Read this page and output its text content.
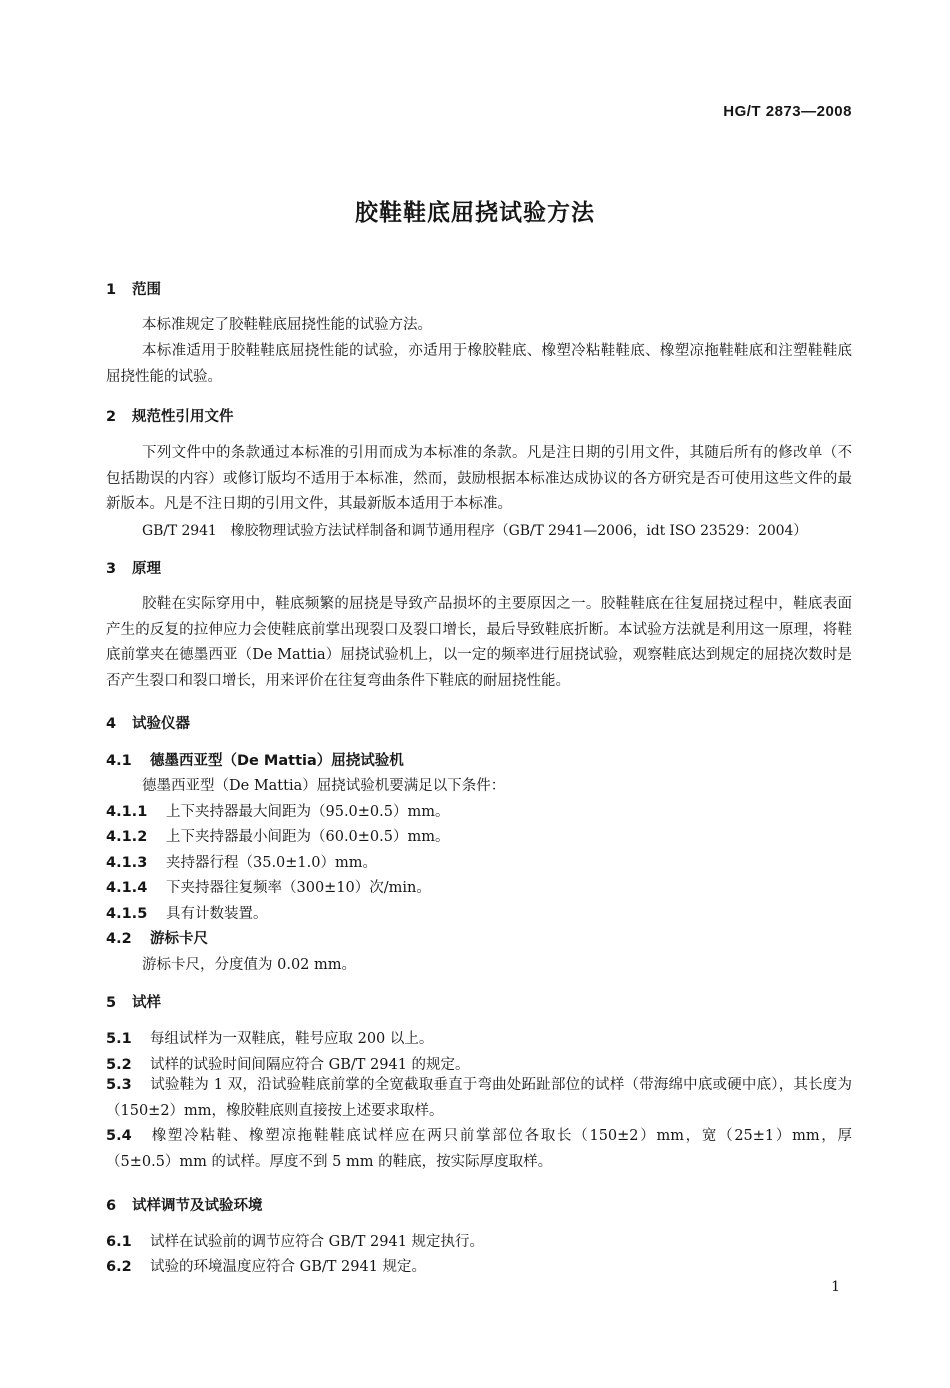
HG/T 2873—2008
胶鞋鞋底屈挠试验方法
1 范围
本标准规定了胶鞋鞋底屈挠性能的试验方法。
本标准适用于胶鞋鞋底屈挠性能的试验，亦适用于橡胶鞋底、橡塑冷粘鞋鞋底、橡塑凉拖鞋鞋底和注塑鞋鞋底屈挠性能的试验。
2 规范性引用文件
下列文件中的条款通过本标准的引用而成为本标准的条款。凡是注日期的引用文件，其随后所有的修改单（不包括勘误的内容）或修订版均不适用于本标准，然而，鼓励根据本标准达成协议的各方研究是否可使用这些文件的最新版本。凡是不注日期的引用文件，其最新版本适用于本标准。
GB/T 2941　橡胶物理试验方法试样制备和调节通用程序（GB/T 2941—2006，idt ISO 23529：2004）
3 原理
胶鞋在实际穿用中，鞋底频繁的屈挠是导致产品损坏的主要原因之一。胶鞋鞋底在往复屈挠过程中，鞋底表面产生的反复的拉伸应力会使鞋底前掌出现裂口及裂口增长，最后导致鞋底折断。本试验方法就是利用这一原理，将鞋底前掌夹在德墨西亚（De Mattia）屈挠试验机上，以一定的频率进行屈挠试验，观察鞋底达到规定的屈挠次数时是否产生裂口和裂口增长，用来评价在往复弯曲条件下鞋底的耐屈挠性能。
4 试验仪器
4.1 德墨西亚型（De Mattia）屈挠试验机
德墨西亚型（De Mattia）屈挠试验机要满足以下条件：
4.1.1 上下夹持器最大间距为（95.0±0.5）mm。
4.1.2 上下夹持器最小间距为（60.0±0.5）mm。
4.1.3 夹持器行程（35.0±1.0）mm。
4.1.4 下夹持器往复频率（300±10）次/min。
4.1.5 具有计数装置。
4.2 游标卡尺
游标卡尺，分度值为 0.02 mm。
5 试样
5.1 每组试样为一双鞋底，鞋号应取 200 以上。
5.2 试样的试验时间间隔应符合 GB/T 2941 的规定。
5.3 试验鞋为 1 双，沿试验鞋底前掌的全宽截取垂直于弯曲处跖趾部位的试样（带海绵中底或硬中底），其长度为（150±2）mm，橡胶鞋底则直接按上述要求取样。
5.4 橡塑冷粘鞋、橡塑凉拖鞋鞋底试样应在两只前掌部位各取长（150±2）mm，宽（25±1）mm，厚（5±0.5）mm 的试样。厚度不到 5 mm 的鞋底，按实际厚度取样。
6 试样调节及试验环境
6.1 试样在试验前的调节应符合 GB/T 2941 规定执行。
6.2 试验的环境温度应符合 GB/T 2941 规定。
1
